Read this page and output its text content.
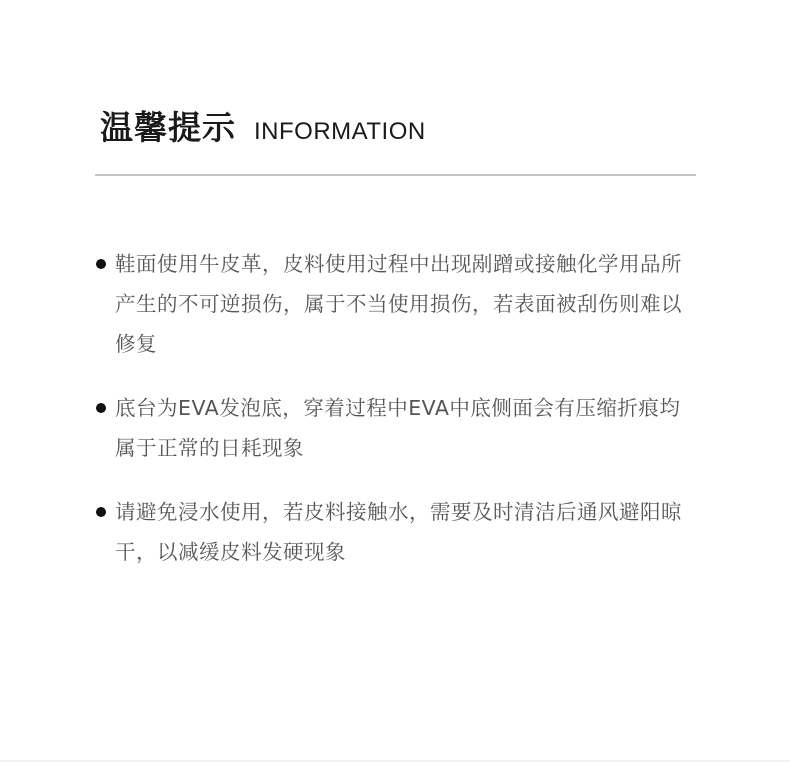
温馨提示 INFORMATION
鞋面使用牛皮革，皮料使用过程中出现剐蹭或接触化学用品所产生的不可逆损伤，属于不当使用损伤，若表面被刮伤则难以修复
底台为EVA发泡底，穿着过程中EVA中底侧面会有压缩折痕均属于正常的日耗现象
请避免浸水使用，若皮料接触水，需要及时清洁后通风避阳晾干，以减缓皮料发硬现象
